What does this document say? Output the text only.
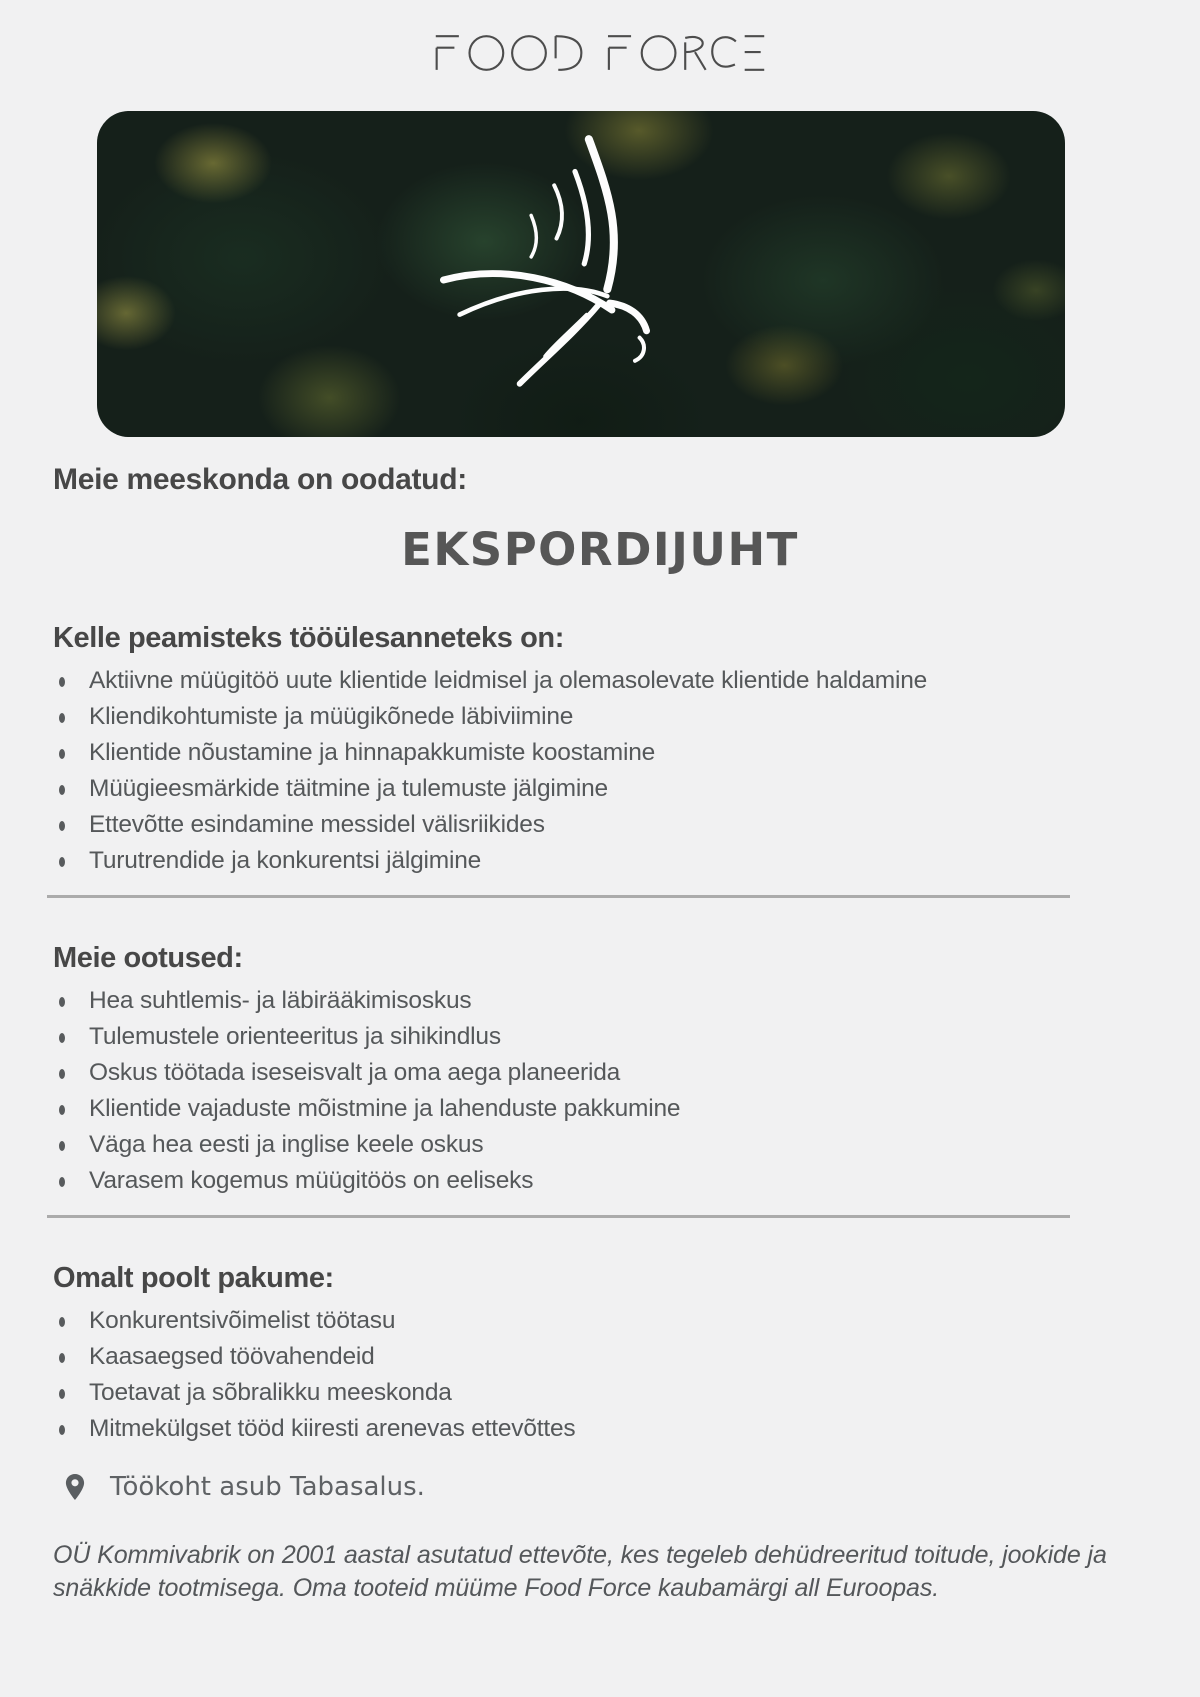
Meie meeskonda on oodatud:
EKSPORDIJUHT
Kelle peamisteks tööülesanneteks on:
Aktiivne müügitöö uute klientide leidmisel ja olemasolevate klientide haldamine
Kliendikohtumiste ja müügikõnede läbiviimine
Klientide nõustamine ja hinnapakkumiste koostamine
Müügieesmärkide täitmine ja tulemuste jälgimine
Ettevõtte esindamine messidel välisriikides
Turutrendide ja konkurentsi jälgimine
Meie ootused:
Hea suhtlemis- ja läbirääkimisoskus
Tulemustele orienteeritus ja sihikindlus
Oskus töötada iseseisvalt ja oma aega planeerida
Klientide vajaduste mõistmine ja lahenduste pakkumine
Väga hea eesti ja inglise keele oskus
Varasem kogemus müügitöös on eeliseks
Omalt poolt pakume:
Konkurentsivõimelist töötasu
Kaasaegsed töövahendeid
Toetavat ja sõbralikku meeskonda
Mitmekülgset tööd kiiresti arenevas ettevõttes
Töökoht asub Tabasalus.

OÜ Kommivabrik on 2001 aastal asutatud ettevõte, kes tegeleb dehüdreeritud toitude, jookide ja snäkkide tootmisega. Oma tooteid müüme Food Force kaubamärgi all Euroopas.
